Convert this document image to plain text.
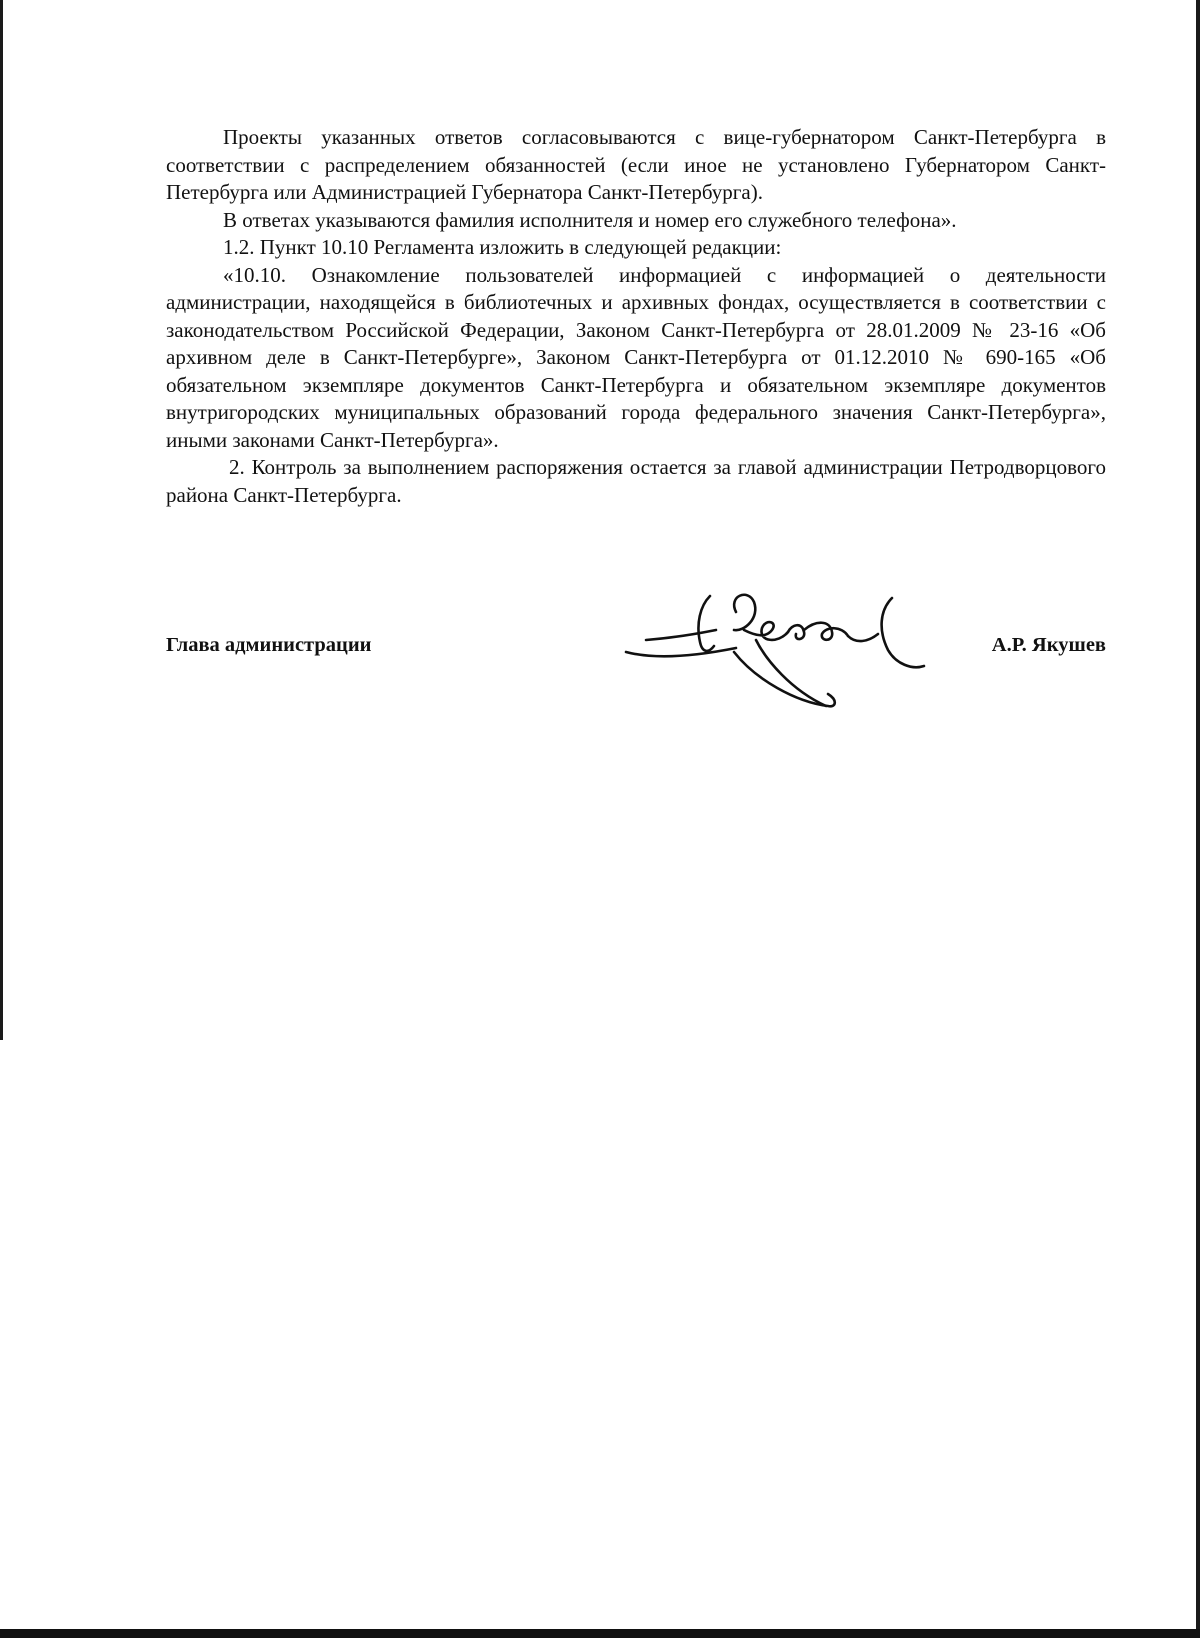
Проекты указанных ответов согласовываются с вице-губернатором Санкт-Петербурга в соответствии с распределением обязанностей (если иное не установлено Губернатором Санкт-Петербурга или Администрацией Губернатора Санкт-Петербурга).

В ответах указываются фамилия исполнителя и номер его служебного телефона».

1.2. Пункт 10.10 Регламента изложить в следующей редакции:

«10.10. Ознакомление пользователей информацией с информацией о деятельности администрации, находящейся в библиотечных и архивных фондах, осуществляется в соответствии с законодательством Российской Федерации, Законом Санкт-Петербурга от 28.01.2009 № 23-16 «Об архивном деле в Санкт-Петербурге», Законом Санкт-Петербурга от 01.12.2010 № 690-165 «Об обязательном экземпляре документов Санкт-Петербурга и обязательном экземпляре документов внутригородских муниципальных образований города федерального значения Санкт-Петербурга», иными законами Санкт-Петербурга».

2. Контроль за выполнением распоряжения остается за главой администрации Петродворцового района Санкт-Петербурга.

Глава администрации	А.Р. Якушев
